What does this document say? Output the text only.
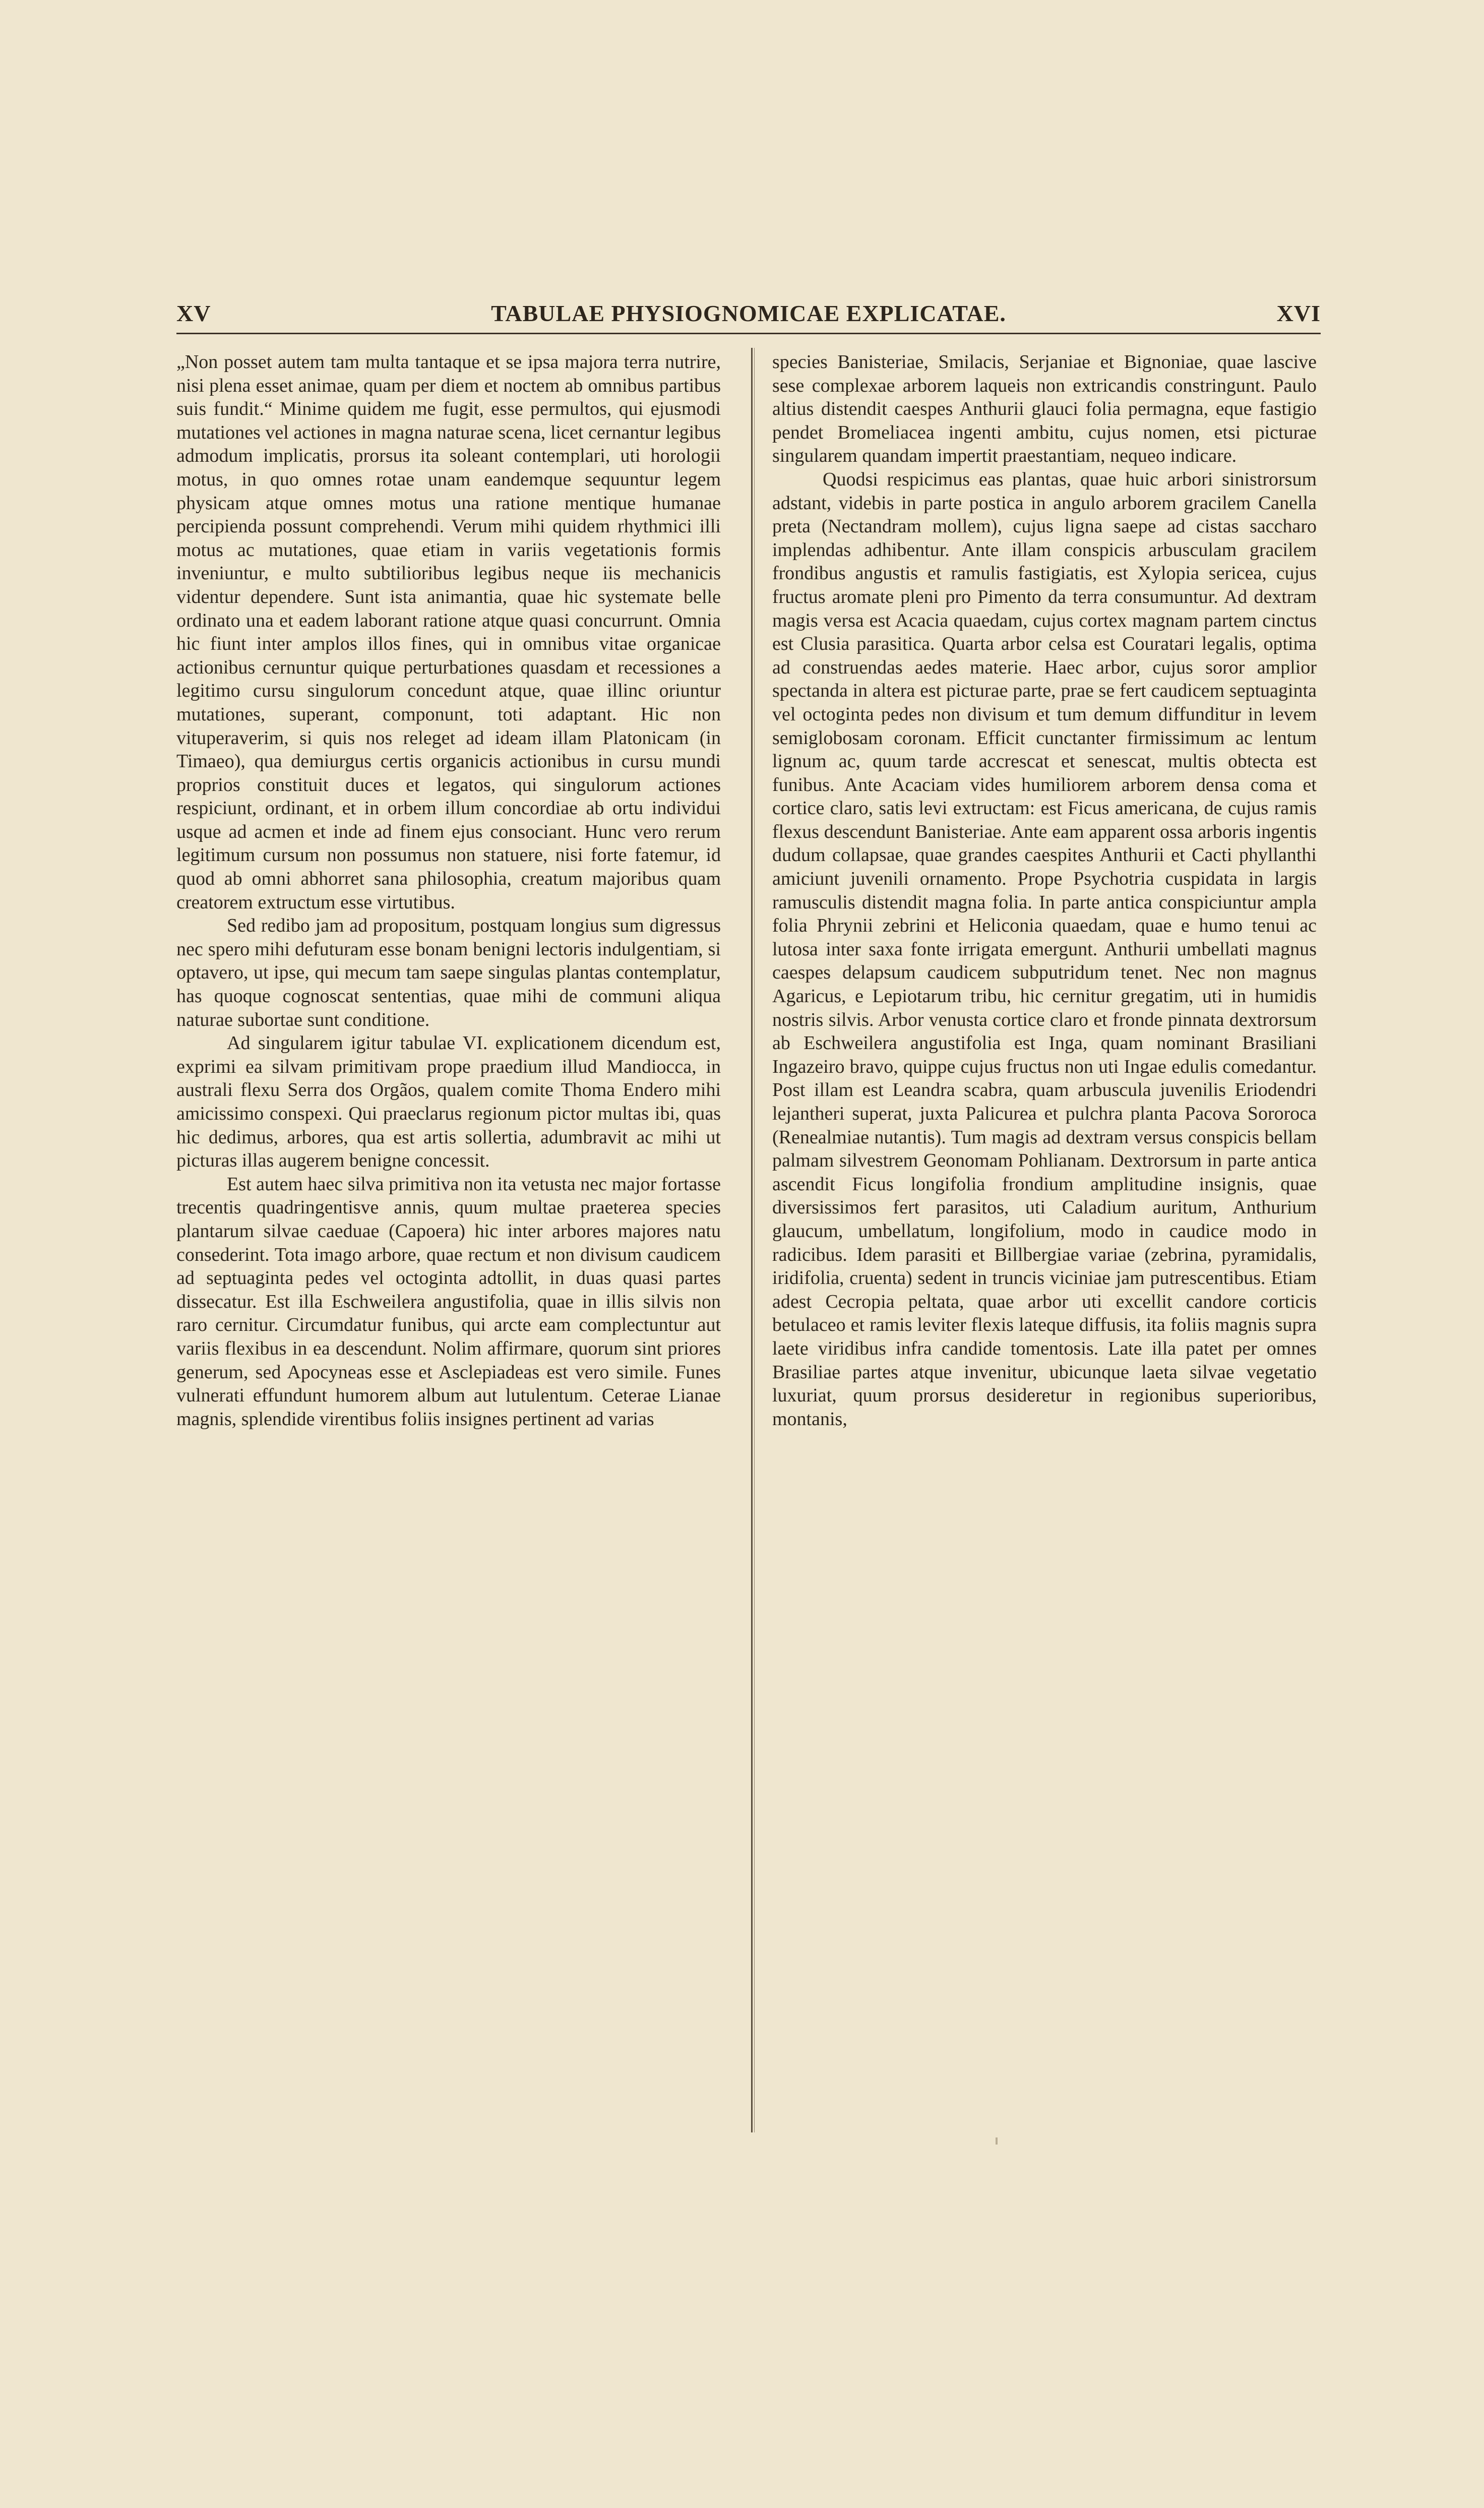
XV	TABULAE PHYSIOGNOMICAE EXPLICATAE.	XVI

„Non posset autem tam multa tantaque et se ipsa majora terra nutrire, nisi plena esset animae, quam per diem et noctem ab omnibus partibus suis fundit.“ Minime quidem me fugit, esse permultos, qui ejusmodi mutationes vel actiones in magna naturae scena, licet cernantur legibus admodum implicatis, prorsus ita soleant contemplari, uti horologii motus, in quo omnes rotae unam eandemque sequuntur legem physicam atque omnes motus una ratione mentique humanae percipienda possunt comprehendi. Verum mihi quidem rhythmici illi motus ac mutationes, quae etiam in variis vegetationis formis inveniuntur, e multo subtilioribus legibus neque iis mechanicis videntur dependere. Sunt ista animantia, quae hic systemate belle ordinato una et eadem laborant ratione atque quasi concurrunt. Omnia hic fiunt inter amplos illos fines, qui in omnibus vitae organicae actionibus cernuntur quique perturbationes quasdam et recessiones a legitimo cursu singulorum concedunt atque, quae illinc oriuntur mutationes, superant, componunt, toti adaptant. Hic non vituperaverim, si quis nos releget ad ideam illam Platonicam (in Timaeo), qua demiurgus certis organicis actionibus in cursu mundi proprios constituit duces et legatos, qui singulorum actiones respiciunt, ordinant, et in orbem illum concordiae ab ortu individui usque ad acmen et inde ad finem ejus consociant. Hunc vero rerum legitimum cursum non possumus non statuere, nisi forte fatemur, id quod ab omni abhorret sana philosophia, creatum majoribus quam creatorem extructum esse virtutibus.

Sed redibo jam ad propositum, postquam longius sum digressus nec spero mihi defuturam esse bonam benigni lectoris indulgentiam, si optavero, ut ipse, qui mecum tam saepe singulas plantas contemplatur, has quoque cognoscat sententias, quae mihi de communi aliqua naturae subortae sunt conditione.

Ad singularem igitur tabulae VI. explicationem dicendum est, exprimi ea silvam primitivam prope praedium illud Mandiocca, in australi flexu Serra dos Orgãos, qualem comite Thoma Endero mihi amicissimo conspexi. Qui praeclarus regionum pictor multas ibi, quas hic dedimus, arbores, qua est artis sollertia, adumbravit ac mihi ut picturas illas augerem benigne concessit.

Est autem haec silva primitiva non ita vetusta nec major fortasse trecentis quadringentisve annis, quum multae praeterea species plantarum silvae caeduae (Capoera) hic inter arbores majores natu consederint. Tota imago arbore, quae rectum et non divisum caudicem ad septuaginta pedes vel octoginta adtollit, in duas quasi partes dissecatur. Est illa Eschweilera angustifolia, quae in illis silvis non raro cernitur. Circumdatur funibus, qui arcte eam complectuntur aut variis flexibus in ea descendunt. Nolim affirmare, quorum sint priores generum, sed Apocyneas esse et Asclepiadeas est vero simile. Funes vulnerati effundunt humorem album aut lutulentum. Ceterae Lianae magnis, splendide virentibus foliis insignes pertinent ad varias

species Banisteriae, Smilacis, Serjaniae et Bignoniae, quae lascive sese complexae arborem laqueis non extricandis constringunt. Paulo altius distendit caespes Anthurii glauci folia permagna, eque fastigio pendet Bromeliacea ingenti ambitu, cujus nomen, etsi picturae singularem quandam impertit praestantiam, nequeo indicare.

Quodsi respicimus eas plantas, quae huic arbori sinistrorsum adstant, videbis in parte postica in angulo arborem gracilem Canella preta (Nectandram mollem), cujus ligna saepe ad cistas saccharo implendas adhibentur. Ante illam conspicis arbusculam gracilem frondibus angustis et ramulis fastigiatis, est Xylopia sericea, cujus fructus aromate pleni pro Pimento da terra consumuntur. Ad dextram magis versa est Acacia quaedam, cujus cortex magnam partem cinctus est Clusia parasitica. Quarta arbor celsa est Couratari legalis, optima ad construendas aedes materie. Haec arbor, cujus soror amplior spectanda in altera est picturae parte, prae se fert caudicem septuaginta vel octoginta pedes non divisum et tum demum diffunditur in levem semiglobosam coronam. Efficit cunctanter firmissimum ac lentum lignum ac, quum tarde accrescat et senescat, multis obtecta est funibus. Ante Acaciam vides humiliorem arborem densa coma et cortice claro, satis levi extructam: est Ficus americana, de cujus ramis flexus descendunt Banisteriae. Ante eam apparent ossa arboris ingentis dudum collapsae, quae grandes caespites Anthurii et Cacti phyllanthi amiciunt juvenili ornamento. Prope Psychotria cuspidata in largis ramusculis distendit magna folia. In parte antica conspiciuntur ampla folia Phrynii zebrini et Heliconia quaedam, quae e humo tenui ac lutosa inter saxa fonte irrigata emergunt. Anthurii umbellati magnus caespes delapsum caudicem subputridum tenet. Nec non magnus Agaricus, e Lepiotarum tribu, hic cernitur gregatim, uti in humidis nostris silvis. Arbor venusta cortice claro et fronde pinnata dextrorsum ab Eschweilera angustifolia est Inga, quam nominant Brasiliani Ingazeiro bravo, quippe cujus fructus non uti Ingae edulis comedantur. Post illam est Leandra scabra, quam arbuscula juvenilis Eriodendri lejantheri superat, juxta Palicurea et pulchra planta Pacova Sororoca (Renealmiae nutantis). Tum magis ad dextram versus conspicis bellam palmam silvestrem Geonomam Pohlianam. Dextrorsum in parte antica ascendit Ficus longifolia frondium amplitudine insignis, quae diversissimos fert parasitos, uti Caladium auritum, Anthurium glaucum, umbellatum, longifolium, modo in caudice modo in radicibus. Idem parasiti et Billbergiae variae (zebrina, pyramidalis, iridifolia, cruenta) sedent in truncis viciniae jam putrescentibus. Etiam adest Cecropia peltata, quae arbor uti excellit candore corticis betulaceo et ramis leviter flexis lateque diffusis, ita foliis magnis supra laete viridibus infra candide tomentosis. Late illa patet per omnes Brasiliae partes atque invenitur, ubicunque laeta silvae vegetatio luxuriat, quum prorsus desideretur in regionibus superioribus, montanis,
